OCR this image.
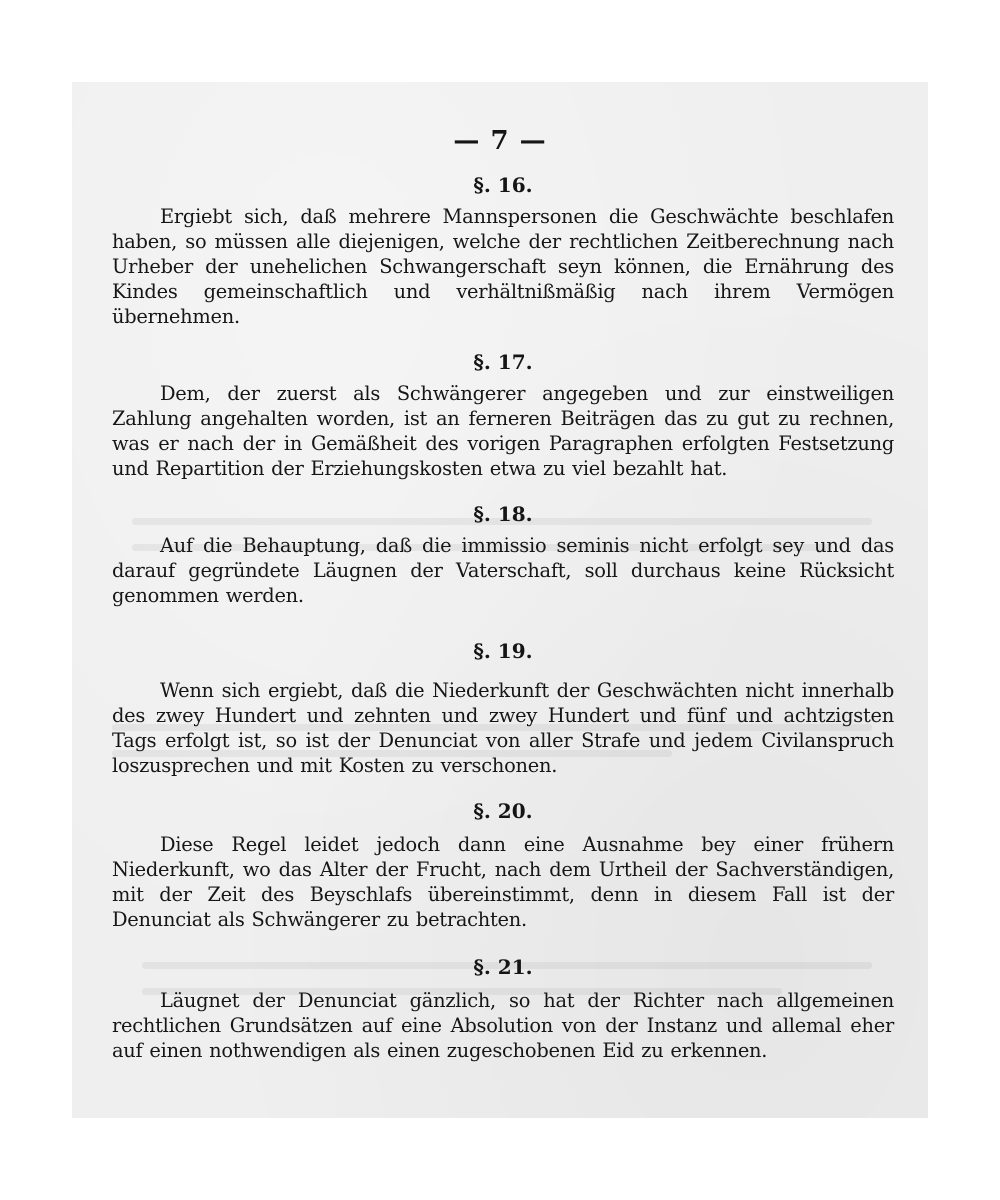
— 7 —
§. 16.

Ergiebt sich, daß mehrere Mannspersonen die Geschwächte beschlafen haben, so müssen alle diejenigen, welche der rechtlichen Zeitberechnung nach Urheber der unehelichen Schwangerschaft seyn können, die Ernährung des Kindes gemeinschaftlich und verhältnißmäßig nach ihrem Vermögen übernehmen.

§. 17.

Dem, der zuerst als Schwängerer angegeben und zur einstweiligen Zahlung angehalten worden, ist an ferneren Beiträgen das zu gut zu rechnen, was er nach der in Gemäßheit des vorigen Paragraphen erfolgten Festsetzung und Repartition der Erziehungskosten etwa zu viel bezahlt hat.

§. 18.

Auf die Behauptung, daß die immissio seminis nicht erfolgt sey und das darauf gegründete Läugnen der Vaterschaft, soll durchaus keine Rücksicht genommen werden.

§. 19.

Wenn sich ergiebt, daß die Niederkunft der Geschwächten nicht innerhalb des zwey Hundert und zehnten und zwey Hundert und fünf und achtzigsten Tags erfolgt ist, so ist der Denunciat von aller Strafe und jedem Civilanspruch loszusprechen und mit Kosten zu verschonen.

§. 20.

Diese Regel leidet jedoch dann eine Ausnahme bey einer frühern Niederkunft, wo das Alter der Frucht, nach dem Urtheil der Sachverständigen, mit der Zeit des Beyschlafs übereinstimmt, denn in diesem Fall ist der Denunciat als Schwängerer zu betrachten.

§. 21.

Läugnet der Denunciat gänzlich, so hat der Richter nach allgemeinen rechtlichen Grundsätzen auf eine Absolution von der Instanz und allemal eher auf einen nothwendigen als einen zugeschobenen Eid zu erkennen.
